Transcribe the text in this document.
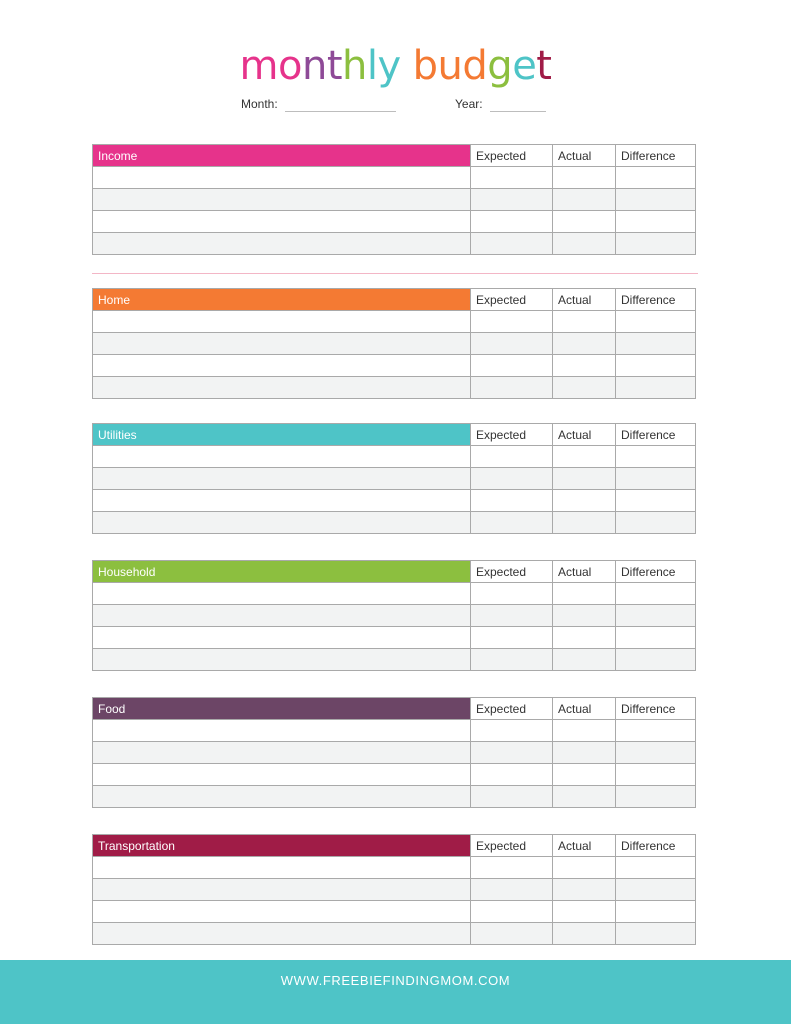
monthly budget
Month:	Year:
Income	Expected	Actual	Difference

Home	Expected	Actual	Difference

Utilities	Expected	Actual	Difference

Household	Expected	Actual	Difference

Food	Expected	Actual	Difference

Transportation	Expected	Actual	Difference

WWW.FREEBIEFINDINGMOM.COM
